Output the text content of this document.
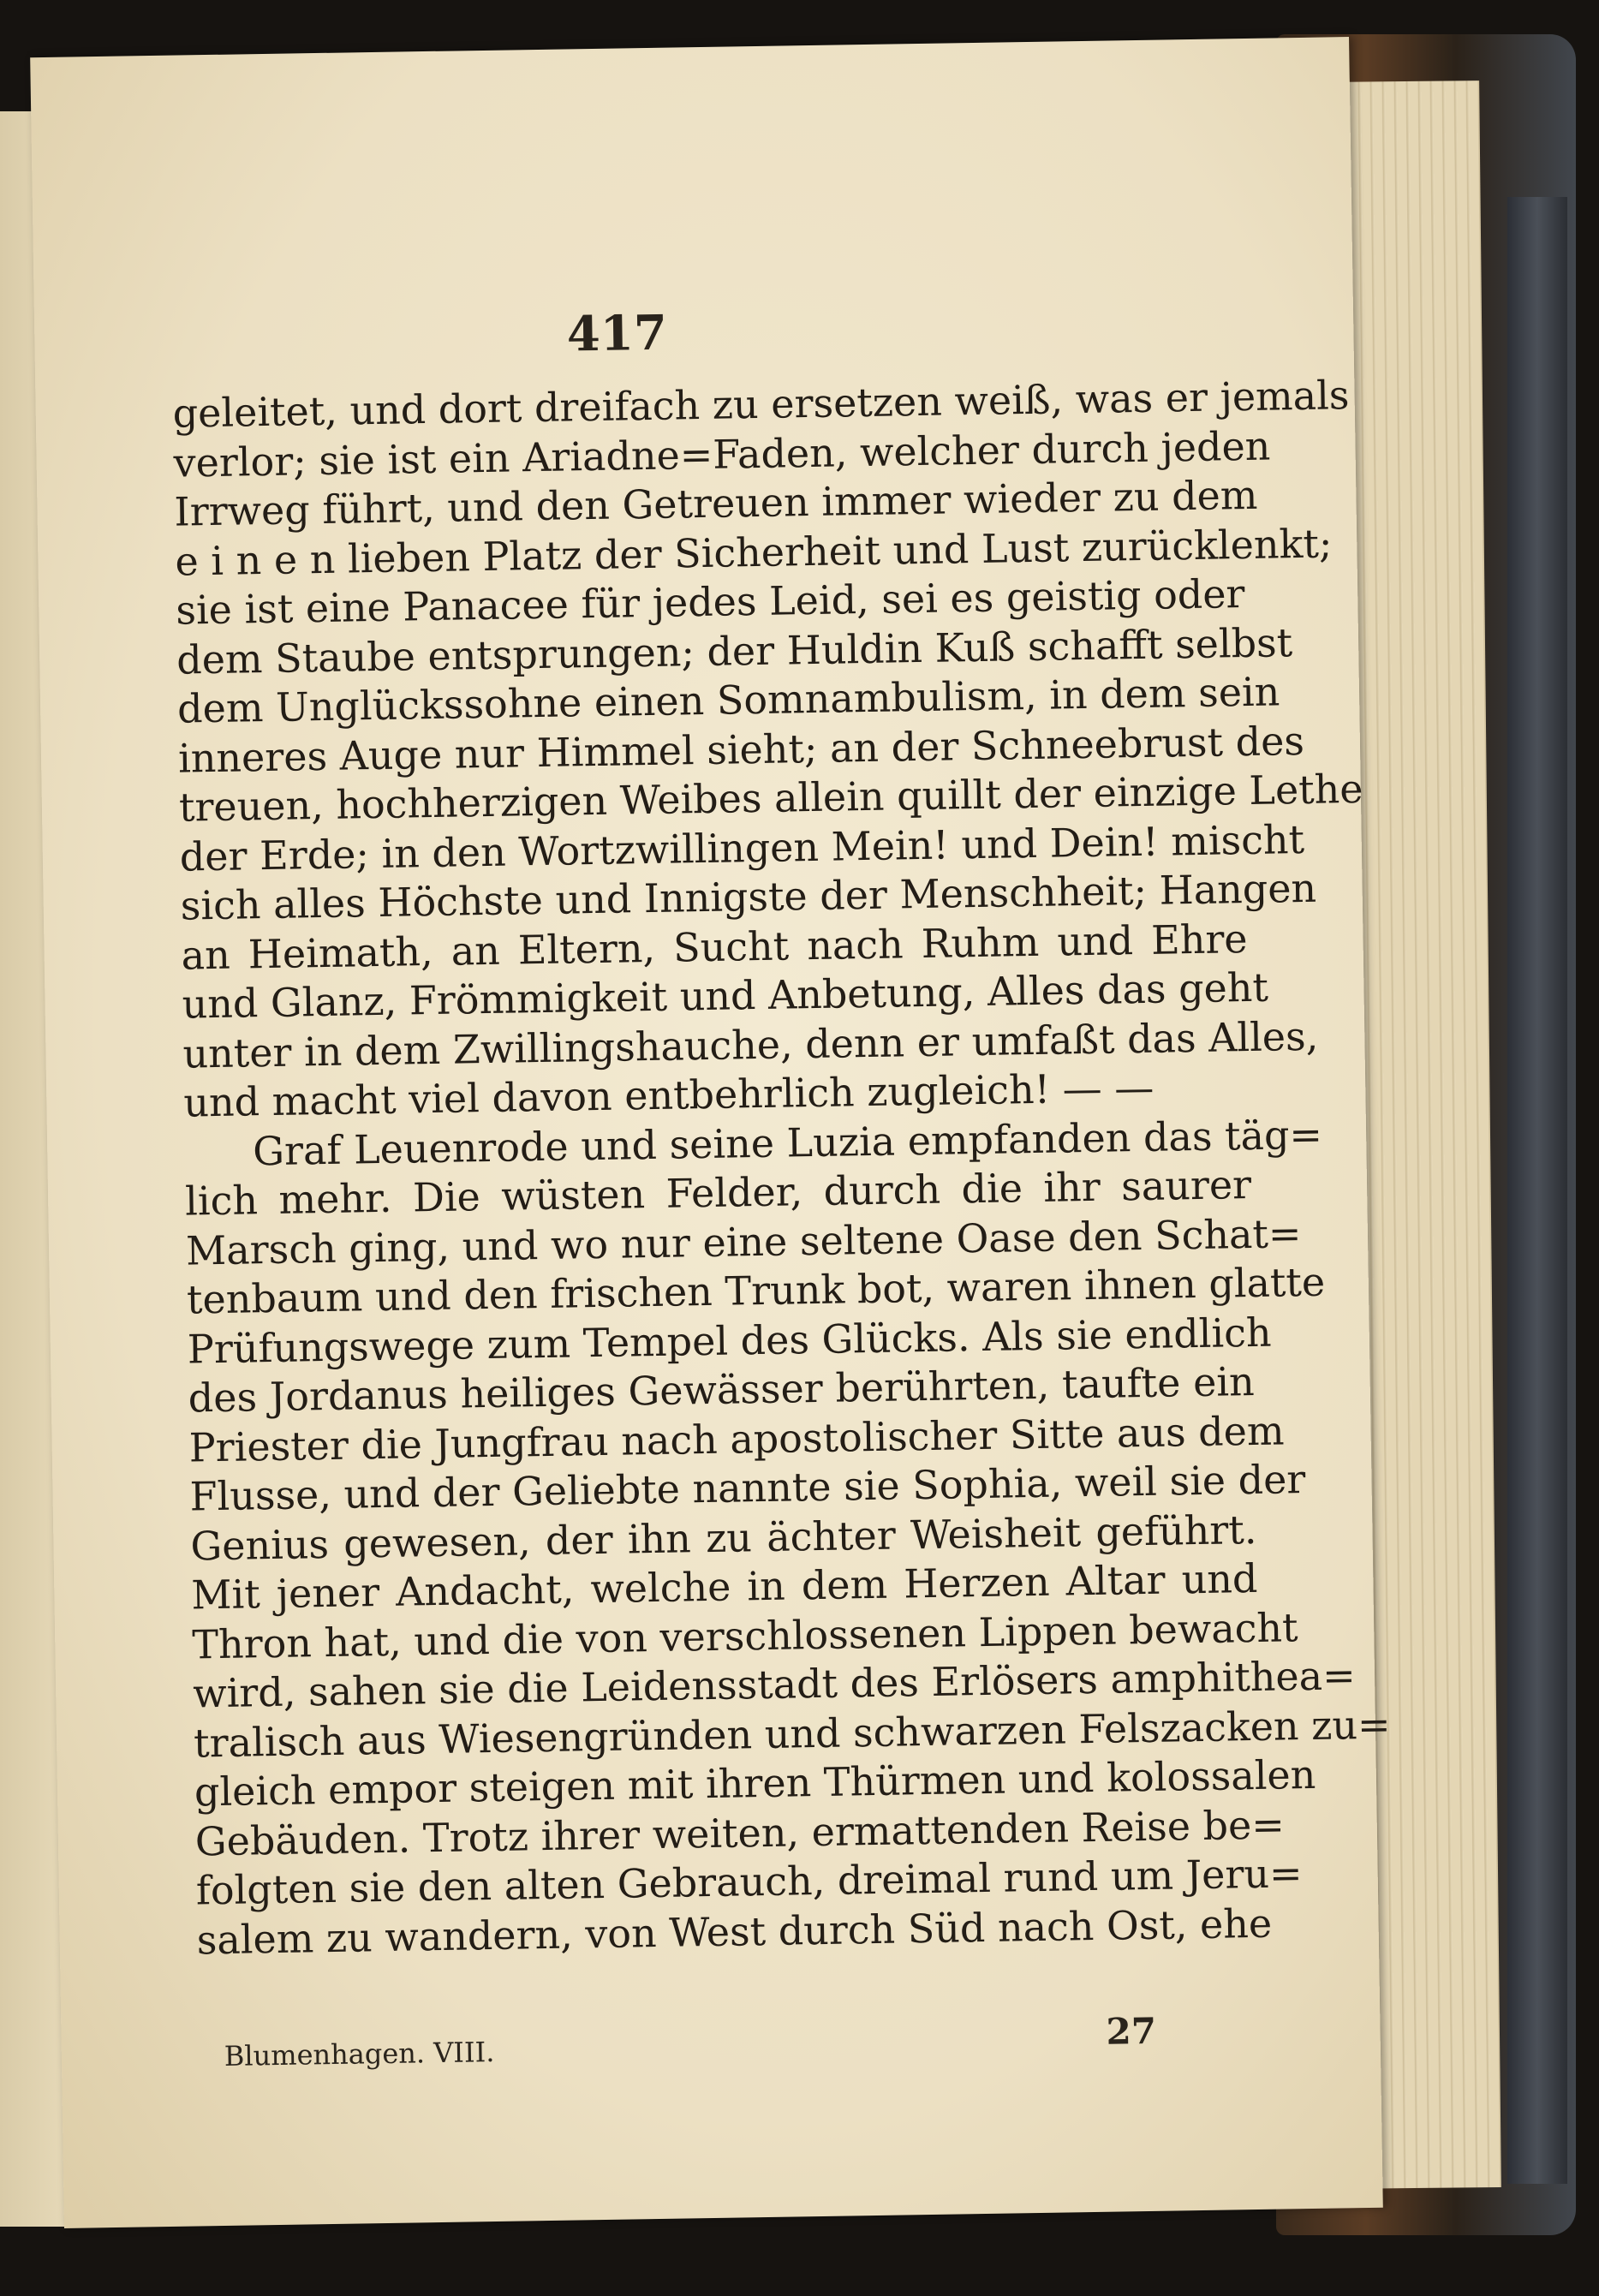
417
geleitet, und dort dreifach zu ersetzen weiß, was er jemals
verlor; sie ist ein Ariadne=Faden, welcher durch jeden
Irrweg führt, und den Getreuen immer wieder zu dem
e i n e n lieben Platz der Sicherheit und Lust zurücklenkt;
sie ist eine Panacee für jedes Leid, sei es geistig oder
dem Staube entsprungen; der Huldin Kuß schafft selbst
dem Unglückssohne einen Somnambulism, in dem sein
inneres Auge nur Himmel sieht; an der Schneebrust des
treuen, hochherzigen Weibes allein quillt der einzige Lethe
der Erde; in den Wortzwillingen Mein! und Dein! mischt
sich alles Höchste und Innigste der Menschheit; Hangen
an Heimath, an Eltern, Sucht nach Ruhm und Ehre
und Glanz, Frömmigkeit und Anbetung, Alles das geht
unter in dem Zwillingshauche, denn er umfaßt das Alles,
und macht viel davon entbehrlich zugleich! — —
Graf Leuenrode und seine Luzia empfanden das täg=
lich mehr. Die wüsten Felder, durch die ihr saurer
Marsch ging, und wo nur eine seltene Oase den Schat=
tenbaum und den frischen Trunk bot, waren ihnen glatte
Prüfungswege zum Tempel des Glücks. Als sie endlich
des Jordanus heiliges Gewässer berührten, taufte ein
Priester die Jungfrau nach apostolischer Sitte aus dem
Flusse, und der Geliebte nannte sie Sophia, weil sie der
Genius gewesen, der ihn zu ächter Weisheit geführt.
Mit jener Andacht, welche in dem Herzen Altar und
Thron hat, und die von verschlossenen Lippen bewacht
wird, sahen sie die Leidensstadt des Erlösers amphithea=
tralisch aus Wiesengründen und schwarzen Felszacken zu=
gleich empor steigen mit ihren Thürmen und kolossalen
Gebäuden. Trotz ihrer weiten, ermattenden Reise be=
folgten sie den alten Gebrauch, dreimal rund um Jeru=
salem zu wandern, von West durch Süd nach Ost, ehe
Blumenhagen. VIII.
27
